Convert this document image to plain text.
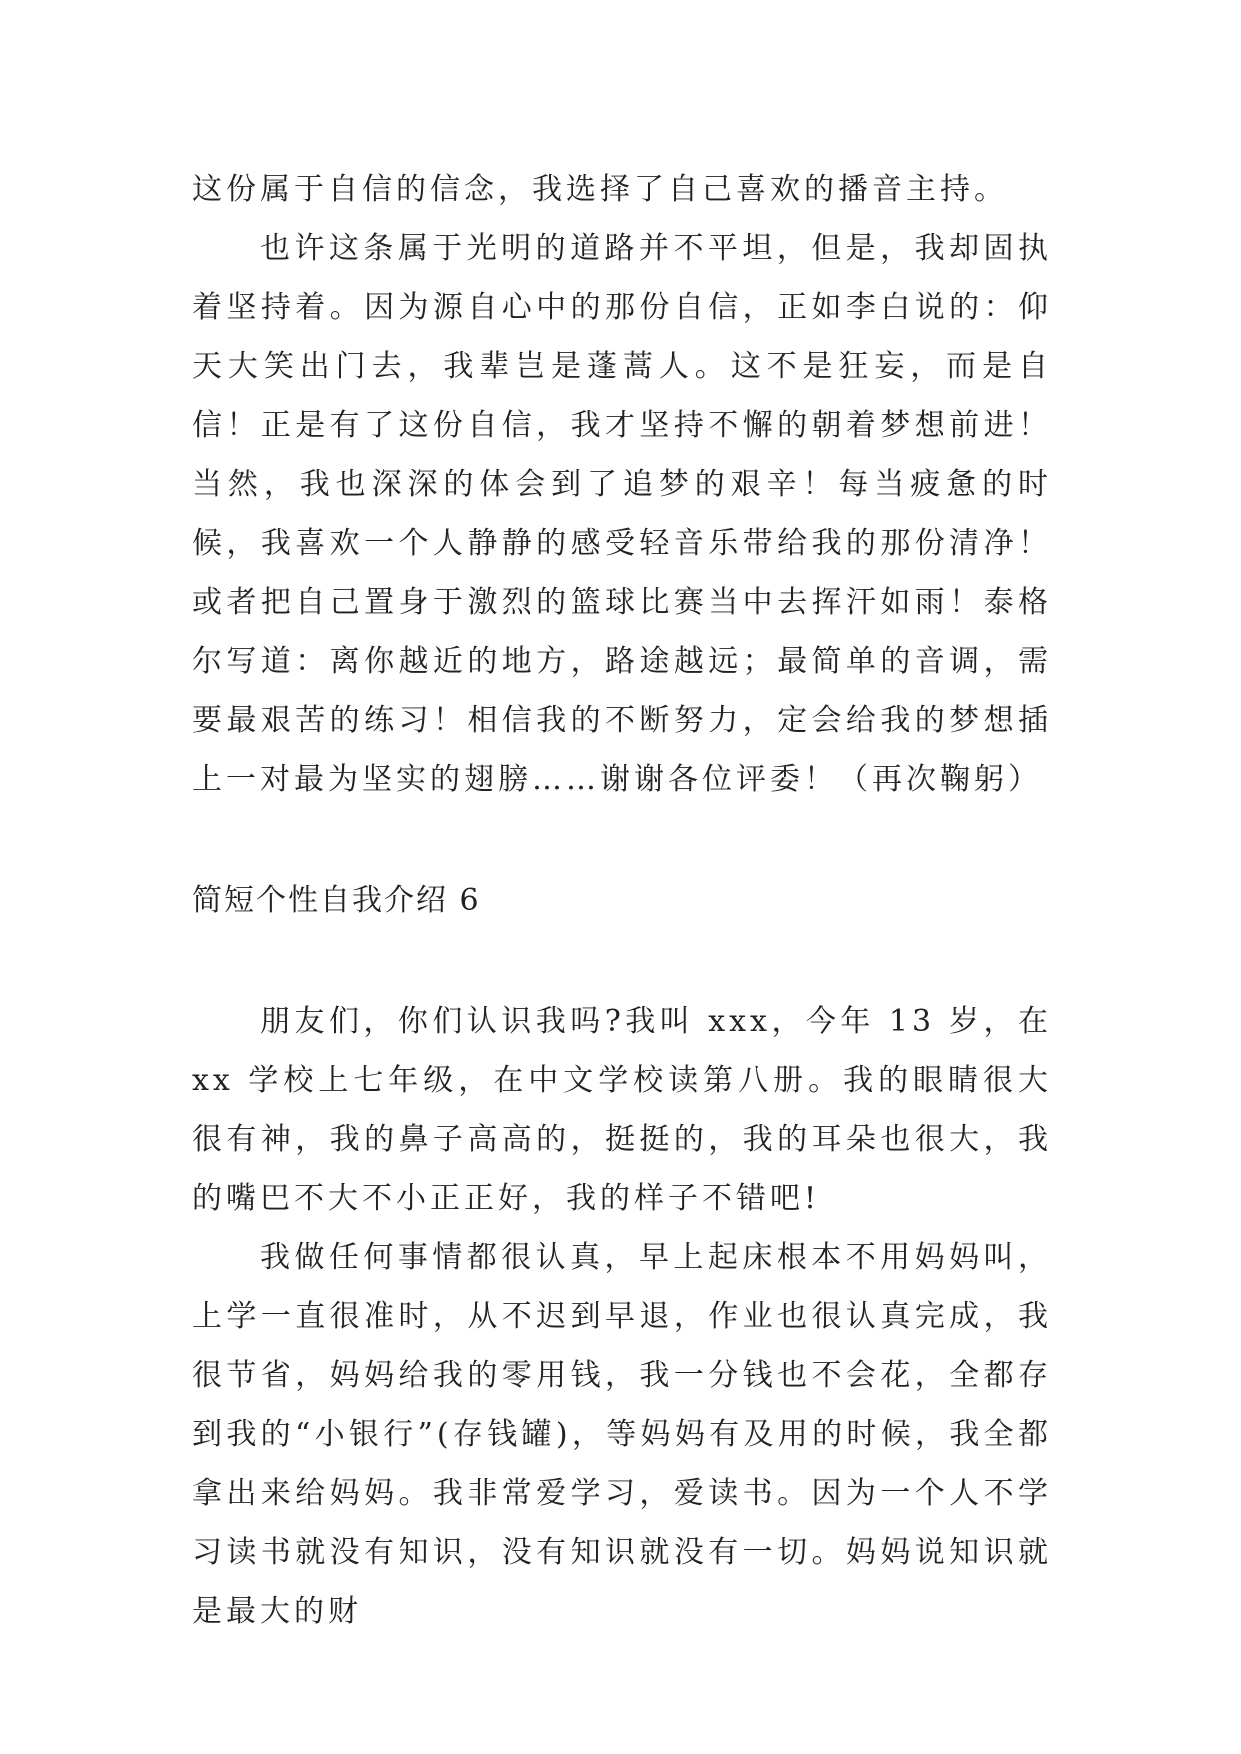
这份属于自信的信念，我选择了自己喜欢的播音主持。

也许这条属于光明的道路并不平坦，但是，我却固执着坚持着。因为源自心中的那份自信，正如李白说的：仰天大笑出门去，我辈岂是蓬蒿人。这不是狂妄，而是自信！正是有了这份自信，我才坚持不懈的朝着梦想前进！当然，我也深深的体会到了追梦的艰辛！每当疲惫的时候，我喜欢一个人静静的感受轻音乐带给我的那份清净！或者把自己置身于激烈的篮球比赛当中去挥汗如雨！泰格尔写道：离你越近的地方，路途越远；最简单的音调，需要最艰苦的练习！相信我的不断努力，定会给我的梦想插上一对最为坚实的翅膀……谢谢各位评委！（再次鞠躬）

简短个性自我介绍 6

朋友们，你们认识我吗?我叫 xxx，今年 13 岁，在 xx 学校上七年级，在中文学校读第八册。我的眼睛很大很有神，我的鼻子高高的，挺挺的，我的耳朵也很大，我的嘴巴不大不小正正好，我的样子不错吧!

我做任何事情都很认真，早上起床根本不用妈妈叫，上学一直很准时，从不迟到早退，作业也很认真完成，我很节省，妈妈给我的零用钱，我一分钱也不会花，全都存到我的“小银行”(存钱罐)，等妈妈有及用的时候，我全都拿出来给妈妈。我非常爱学习，爱读书。因为一个人不学习读书就没有知识，没有知识就没有一切。妈妈说知识就是最大的财
